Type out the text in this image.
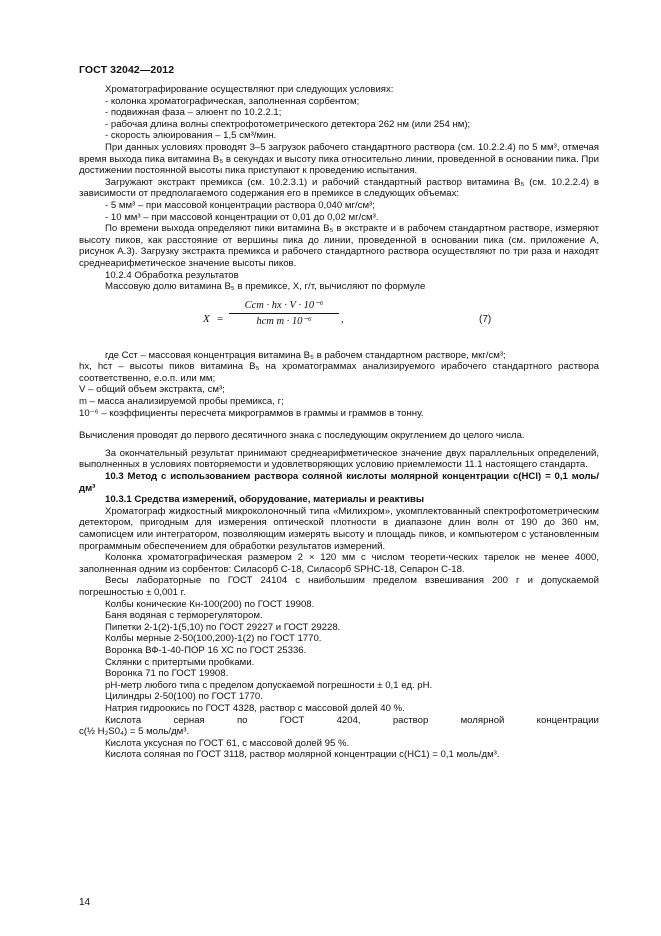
ГОСТ 32042—2012

Хроматографирование осуществляют при следующих условиях:

- колонка хроматографическая, заполненная сорбентом;

- подвижная фаза – элюент по 10.2.2.1;

- рабочая длина волны спектрофотометрического детектора 262 нм (или 254 нм);

- скорость элюирования – 1,5 см³/мин.

При данных условиях проводят 3–5 загрузок рабочего стандартного раствора (см. 10.2.2.4) по 5 мм³, отмечая время выхода пика витамина В₅ в секундах и высоту пика относительно линии, проведенной в основании пика. При достижении постоянной высоты пика приступают к проведению испытания.

Загружают экстракт премикса (см. 10.2.3.1) и рабочий стандартный раствор витамина В₅ (см. 10.2.2.4) в зависимости от предполагаемого содержания его в премиксе в следующих объемах:

- 5 мм³ – при массовой концентрации раствора 0,040 мг/см³;

- 10 мм³ – при массовой концентрации от 0,01 до 0,02 мг/см³.

По времени выхода определяют пики витамина В₅ в экстракте и в рабочем стандартном растворе, измеряют высоту пиков, как расстояние от вершины пика до линии, проведенной в основании пика (см. приложение А, рисунок А.3). Загрузку экстракта премикса и рабочего стандартного раствора осуществляют по три раза и находят среднеарифметическое значение высоты пиков.

10.2.4 Обработка результатов

Массовую долю витамина В₅ в премиксе, X, г/т, вычисляют по формуле

X =
Cст · hх · V · 10⁻⁶
hст m · 10⁻⁶	,	(7)

где Cст – массовая концентрация витамина В₅ в рабочем стандартном растворе, мкг/см³;

hх, hст – высоты пиков витамина В₅ на хроматограммах анализируемого ирабочего стандартного раствора соответственно, е.о.п. или мм;

V – общий объем экстракта, см³;

m – масса анализируемой пробы премикса, г;

10⁻⁶ – коэффициенты пересчета микрограммов в граммы и граммов в тонну.

Вычисления проводят до первого десятичного знака с последующим округлением до целого числа.

За окончательный результат принимают среднеарифметическое значение двух параллельных определений, выполненных в условиях повторяемости и удовлетворяющих условию приемлемости 11.1 настоящего стандарта.

10.3 Метод с использованием раствора соляной кислоты молярной концентрации c(HCl) = 0,1 моль/дм³

10.3.1 Средства измерений, оборудование, материалы и реактивы

Хроматограф жидкостный микроколоночный типа «Милихром», укомплектованный спектрофотометрическим детектором, пригодным для измерения оптической плотности в диапазоне длин волн от 190 до 360 нм, самописцем или интегратором, позволяющим измерять высоту и площадь пиков, и компьютером с установленным программным обеспечением для обработки результатов измерений.

Колонка хроматографическая размером 2 × 120 мм с числом теорети-ческих тарелок не менее 4000, заполненная одним из сорбентов: Силасорб С-18, Силасорб SPHC-18, Сепарон С-18.

Весы лабораторные по ГОСТ 24104 с наибольшим пределом взвешивания 200 г и допускаемой погрешностью ± 0,001 г.

Колбы конические Кн-100(200) по ГОСТ 19908.

Баня водяная с терморегулятором.

Пипетки 2-1(2)-1(5,10) по ГОСТ 29227 и ГОСТ 29228.

Колбы мерные 2-50(100,200)-1(2) по ГОСТ 1770.

Воронка ВФ-1-40-ПОР 16 ХС по ГОСТ 25336.

Склянки с притертыми пробками.

Воронка 71 по ГОСТ 19908.

рН-метр любого типа с пределом допускаемой погрешности ± 0,1 ед. рН.

Цилиндры 2-50(100) по ГОСТ 1770.

Натрия гидроокись по ГОСТ 4328, раствор с массовой долей 40 %.

Кислота	серная	по	ГОСТ	4204,	раствор	молярной	концентрации

c(½ H₂S0₄) = 5 моль/дм³.

Кислота уксусная по ГОСТ 61, с массовой долей 95 %.

Кислота соляная по ГОСТ 3118, раствор молярной концентрации c(НС1) = 0,1 моль/дм³.

14
